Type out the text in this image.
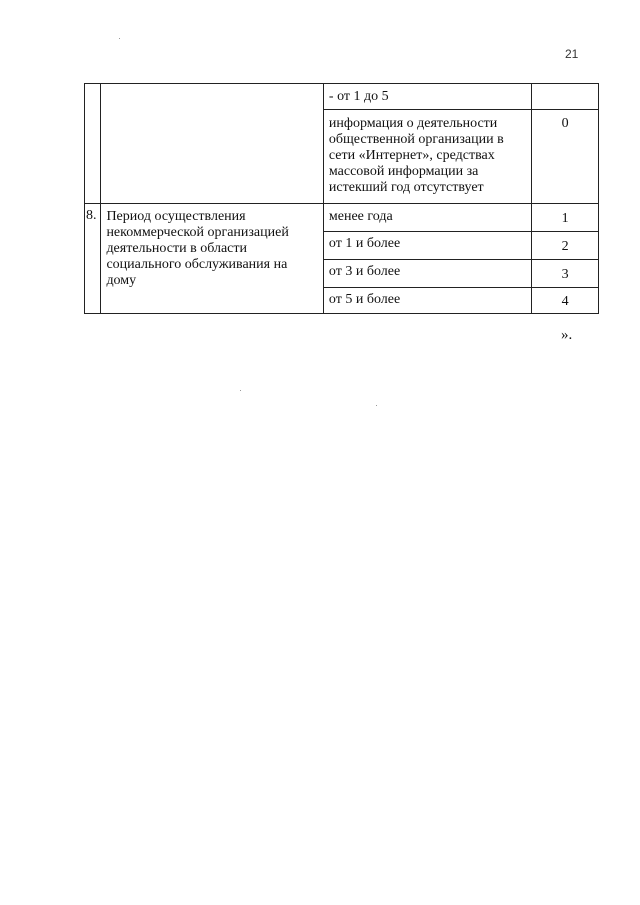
21
		- от 1 до 5	
		информация о деятельности общественной организации в сети «Интернет», средствах массовой информации за истекший год отсутствует	0
8.	Период осуществления некоммерческой организацией деятельности в области социального обслуживания на дому	менее года	1
		от 1 и более	2
		от 3 и более	3
		от 5 и более	4
».
